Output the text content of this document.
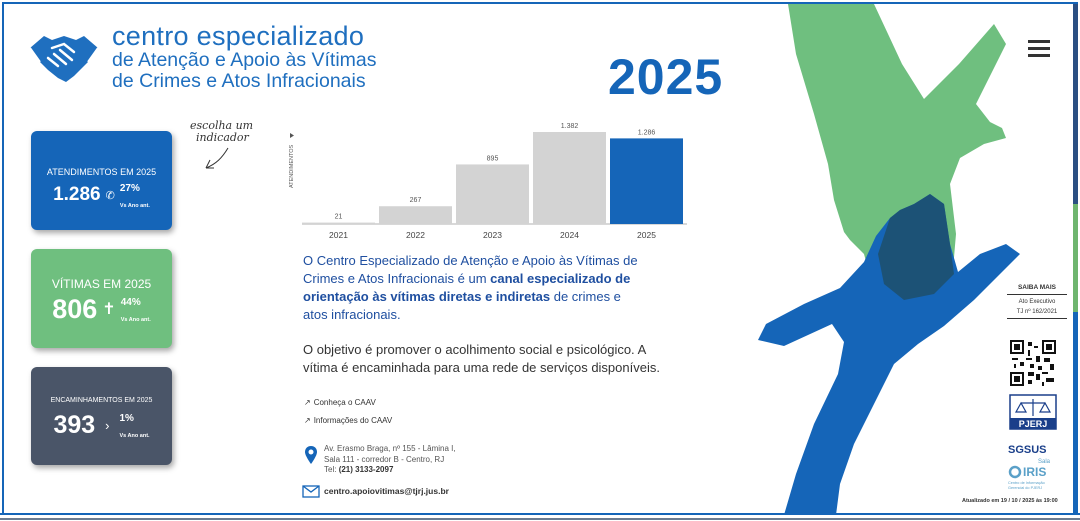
centro especializado
de Atenção e Apoio às Vítimas
de Crimes e Atos Infracionais	2025
ATENDIMENTOS EM 2025
1.286 ✆
27%
Vs Ano ant.
VÍTIMAS EM 2025
806 ✝ 44%
Vs Ano ant.
ENCAMINHAMENTOS EM 2025
393 › 1%
Vs Ano ant.
escolha um
indicador
ATENDIMENTOS
21
2021
267
2022
895
2023
1.382
2024
1.286
2025
O Centro Especializado de Atenção e Apoio às Vítimas de Crimes e Atos Infracionais é um canal especializado de orientação às vítimas diretas e indiretas de crimes e atos infracionais.
O objetivo é promover o acolhimento social e psicológico. A vítima é encaminhada para uma rede de serviços disponíveis.
↗ Conheça o CAAV
↗ Informações do CAAV
Av. Erasmo Braga, nº 155 - Lâmina I,
Sala 111 - corredor B - Centro, RJ
Tel: (21) 3133-2097
centro.apoiovitimas@tjrj.jus.br
SAIBA MAIS
Ato Executivo
TJ nº 162/2021
PJERJ
SGSUS
Sala
IRIS
Centro de Informação Gerencial do PJERJ
Atualizado em 19 / 10 / 2025 às 19:00
